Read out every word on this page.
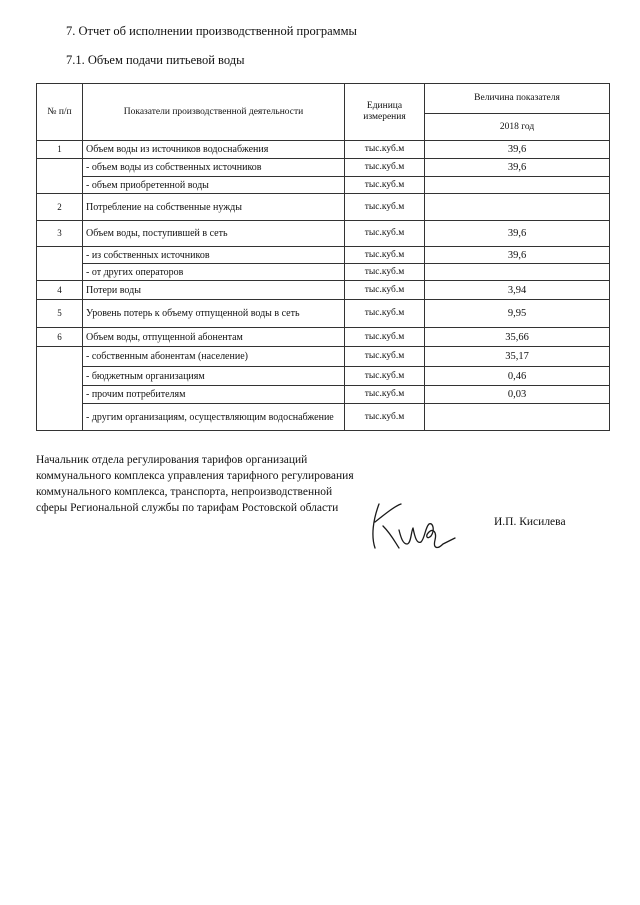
7. Отчет об исполнении производственной программы
7.1. Объем подачи питьевой воды
№ п/п	Показатели производственной деятельности	Единица измерения	Величина показателя
			2018 год
1	Объем воды из источников водоснабжения	тыс.куб.м	39,6
	- объем воды из собственных источников	тыс.куб.м	39,6
	- объем приобретенной воды	тыс.куб.м	
2	Потребление на собственные нужды	тыс.куб.м	
3	Объем воды, поступившей в сеть	тыс.куб.м	39,6
	- из собственных источников	тыс.куб.м	39,6
	- от других операторов	тыс.куб.м	
4	Потери воды	тыс.куб.м	3,94
5	Уровень потерь к объему отпущенной воды в сеть	тыс.куб.м	9,95
6	Объем воды, отпущенной абонентам	тыс.куб.м	35,66
	- собственным абонентам (население)	тыс.куб.м	35,17
	- бюджетным организациям	тыс.куб.м	0,46
	- прочим потребителям	тыс.куб.м	0,03
	- другим организациям, осуществляющим водоснабжение	тыс.куб.м	
Начальник отдела регулирования тарифов организаций коммунального комплекса управления тарифного регулирования коммунального комплекса, транспорта, непроизводственной сферы Региональной службы по тарифам Ростовской области
И.П. Кисилева
